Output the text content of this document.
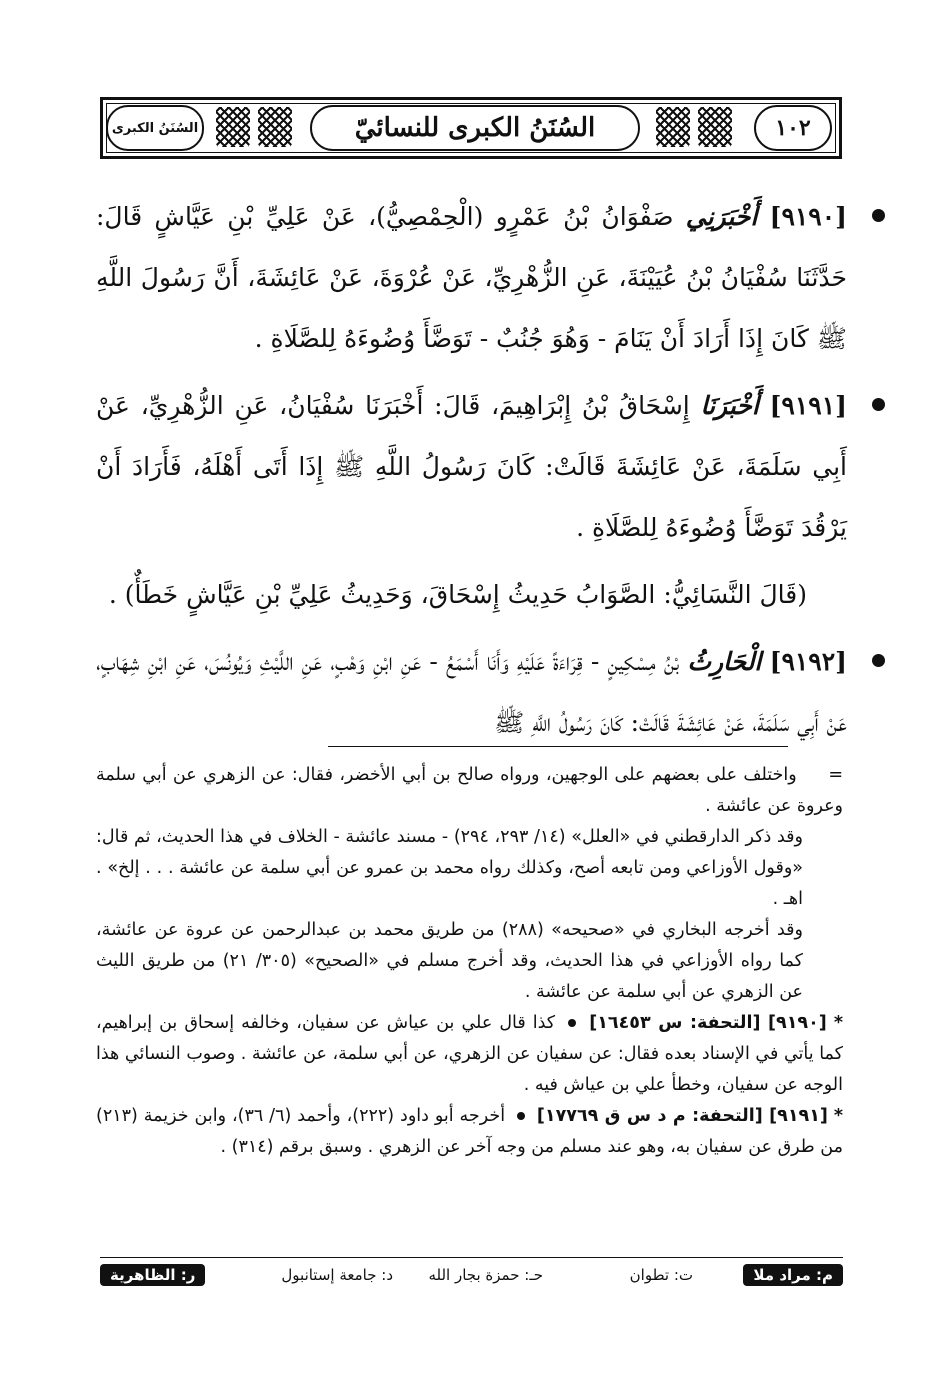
السُنَنُ الكبرى	السُنَنُ الكبرى للنسائيّ	١٠٢
[٩١٩٠] أَخْبَرَنِي صَفْوَانُ بْنُ عَمْرٍو (الْحِمْصِيُّ)، عَنْ عَلِيِّ بْنِ عَيَّاشٍ قَالَ: حَدَّثَنَا سُفْيَانُ بْنُ عُيَيْنَةَ، عَنِ الزُّهْرِيِّ، عَنْ عُرْوَةَ، عَنْ عَائِشَةَ، أَنَّ رَسُولَ اللَّهِ ﷺ كَانَ إِذَا أَرَادَ أَنْ يَنَامَ - وَهُوَ جُنُبٌ - تَوَضَّأَ وُضُوءَهُ لِلصَّلَاةِ .
[٩١٩١] أَخْبَرَنَا إِسْحَاقُ بْنُ إِبْرَاهِيمَ، قَالَ: أَخْبَرَنَا سُفْيَانُ، عَنِ الزُّهْرِيِّ، عَنْ أَبِي سَلَمَةَ، عَنْ عَائِشَةَ قَالَتْ: كَانَ رَسُولُ اللَّهِ ﷺ إِذَا أَتَى أَهْلَهُ، فَأَرَادَ أَنْ يَرْقُدَ تَوَضَّأَ وُضُوءَهُ لِلصَّلَاةِ .
(قَالَ النَّسَائِيُّ: الصَّوَابُ حَدِيثُ إِسْحَاقَ، وَحَدِيثُ عَلِيِّ بْنِ عَيَّاشٍ خَطَأٌ) .
[٩١٩٢] الْحَارِثُ بْنُ مِسْكِينٍ - قِرَاءَةً عَلَيْهِ وَأَنَا أَسْمَعُ - عَنِ ابْنِ وَهْبٍ، عَنِ اللَّيْثِ وَيُونُسَ، عَنِ ابْنِ شِهَابٍ، عَنْ أَبِي سَلَمَةَ، عَنْ عَائِشَةَ قَالَتْ: كَانَ رَسُولُ اللَّهِ ﷺ
=     واختلف على بعضهم على الوجهين، ورواه صالح بن أبي الأخضر، فقال: عن الزهري عن أبي سلمة وعروة عن عائشة .
وقد ذكر الدارقطني في «العلل» (١٤/ ٢٩٣، ٢٩٤) - مسند عائشة - الخلاف في هذا الحديث، ثم قال: «وقول الأوزاعي ومن تابعه أصح، وكذلك رواه محمد بن عمرو عن أبي سلمة عن عائشة . . . إلخ» . اهـ .
وقد أخرجه البخاري في «صحيحه» (٢٨٨) من طريق محمد بن عبدالرحمن عن عروة عن عائشة، كما رواه الأوزاعي في هذا الحديث، وقد أخرج مسلم في «الصحيح» (٣٠٥/ ٢١) من طريق الليث عن الزهري عن أبي سلمة عن عائشة .
* [٩١٩٠] [التحفة: س ١٦٤٥٣]  كذا قال علي بن عياش عن سفيان، وخالفه إسحاق بن إبراهيم، كما يأتي في الإسناد بعده فقال: عن سفيان عن الزهري، عن أبي سلمة، عن عائشة . وصوب النسائي هذا الوجه عن سفيان، وخطأ علي بن عياش فيه .
* [٩١٩١] [التحفة: م د س ق ١٧٧٦٩]  أخرجه أبو داود (٢٢٢)، وأحمد (٦/ ٣٦)، وابن خزيمة (٢١٣) من طرق عن سفيان به، وهو عند مسلم من وجه آخر عن الزهري . وسبق برقم (٣١٤) .
م: مراد ملا
ت: تطوان
حـ: حمزة بجار الله
د: جامعة إستانبول
ر: الظاهرية
